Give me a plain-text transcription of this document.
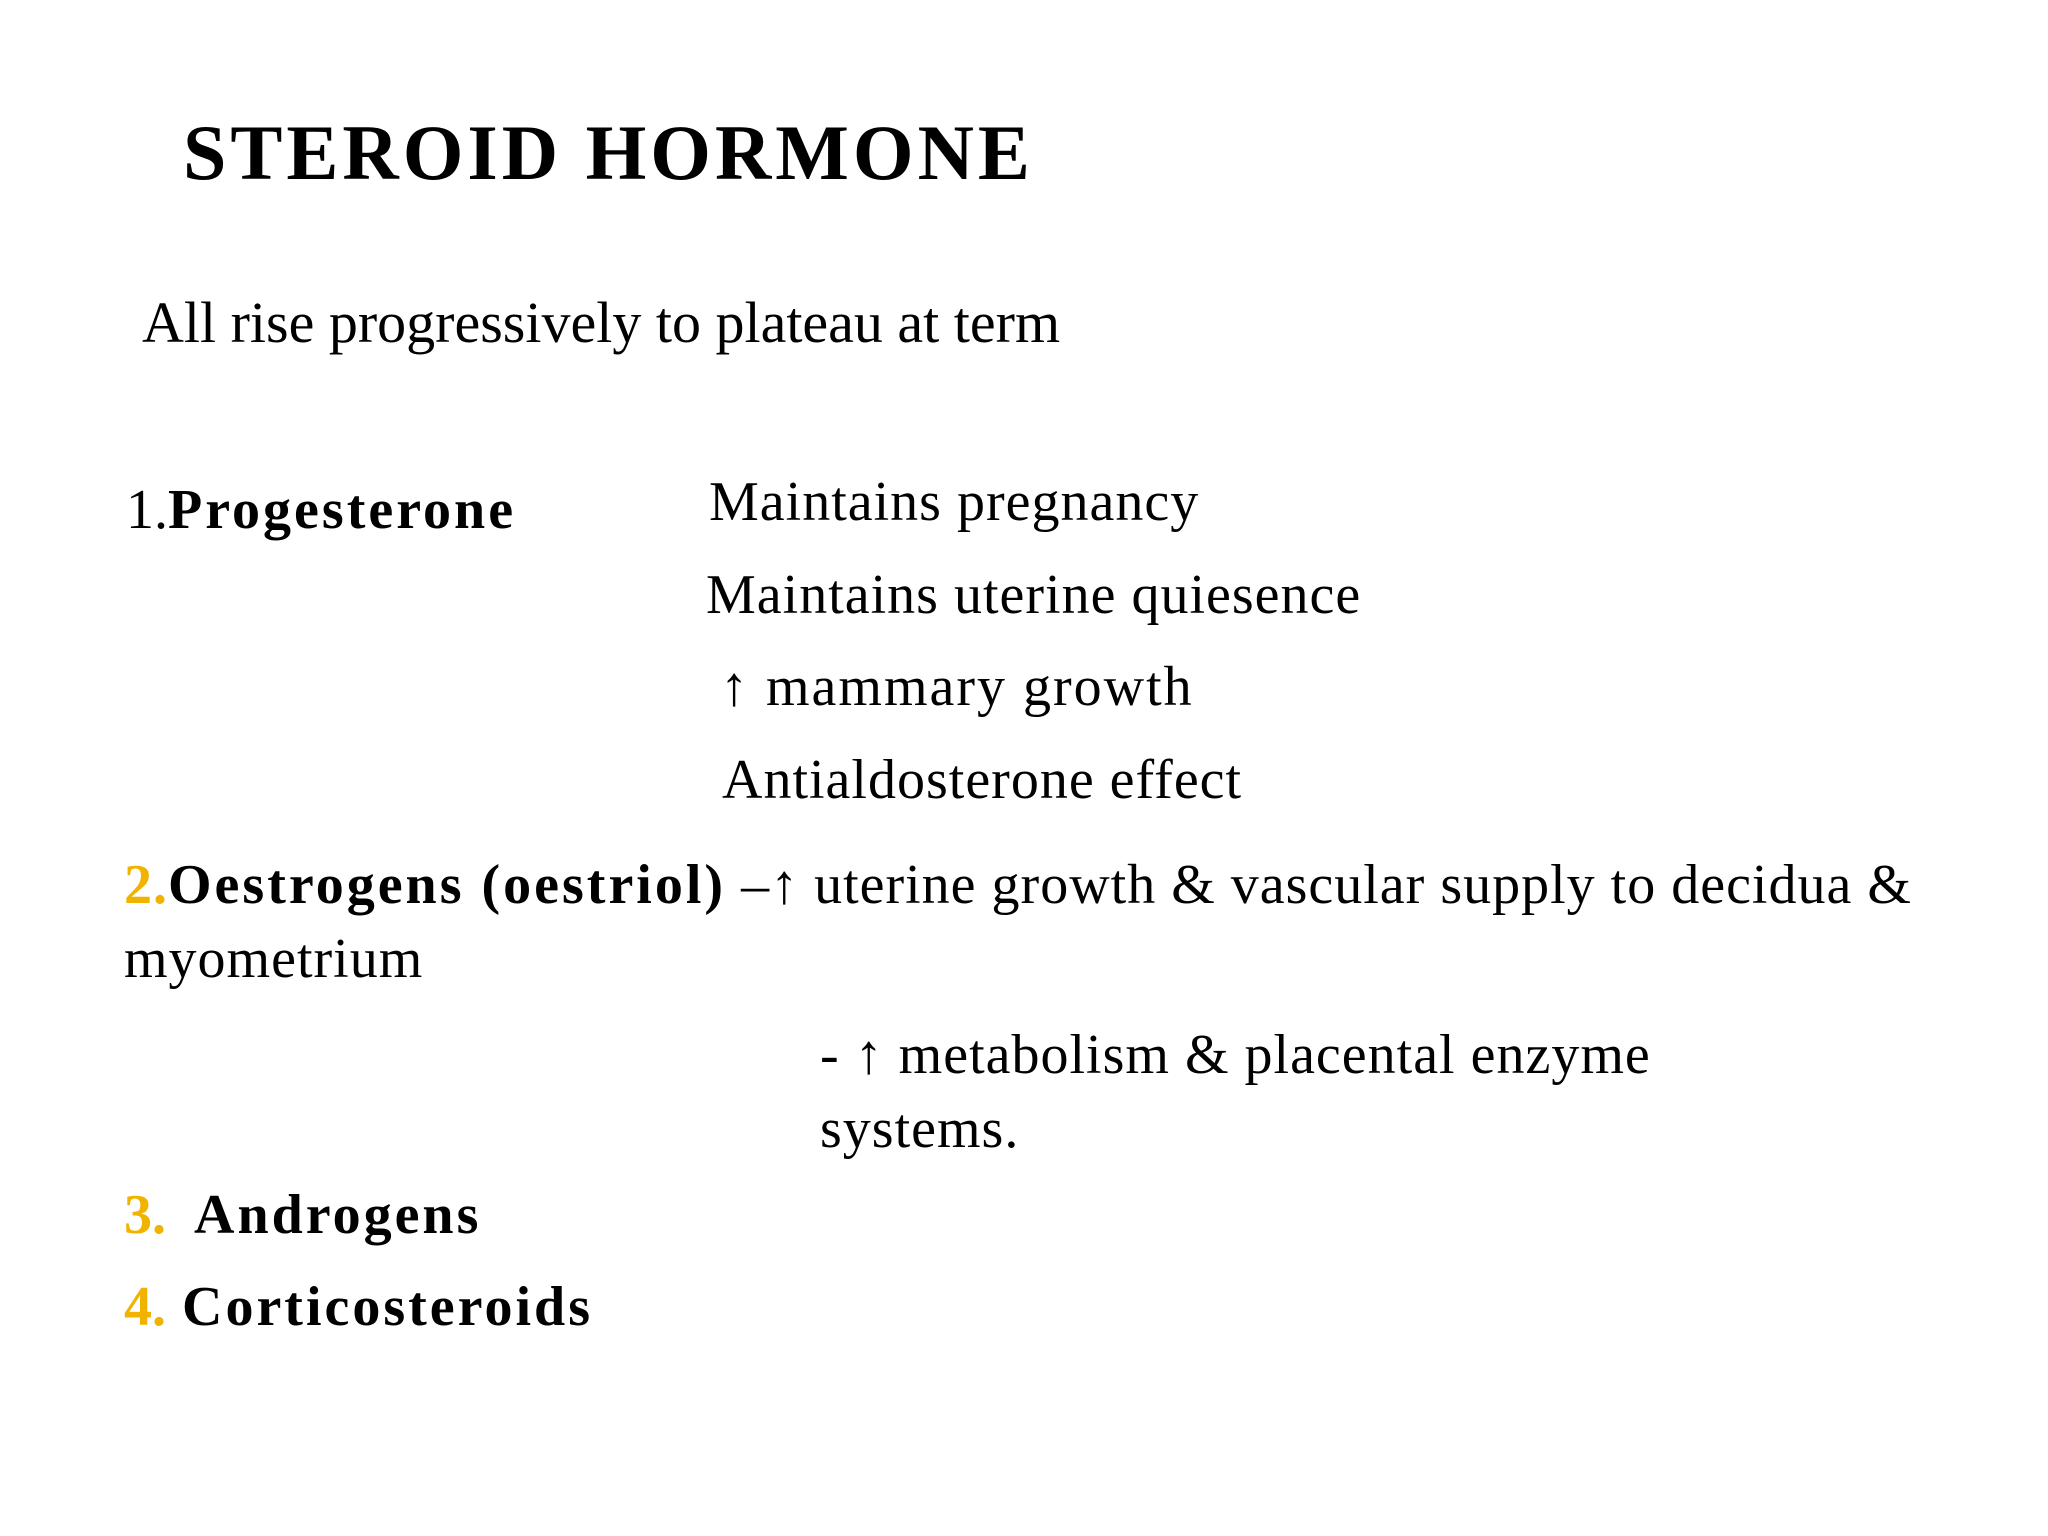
STEROID HORMONE
All rise progressively to plateau at term
1.Progesterone	Maintains pregnancy
Maintains uterine quiesence
↑ mammary growth
Antialdosterone effect
2.Oestrogens (oestriol) –↑ uterine growth & vascular supply to decidua & myometrium
- ↑ metabolism & placental enzyme systems.
3. Androgens
4. Corticosteroids
